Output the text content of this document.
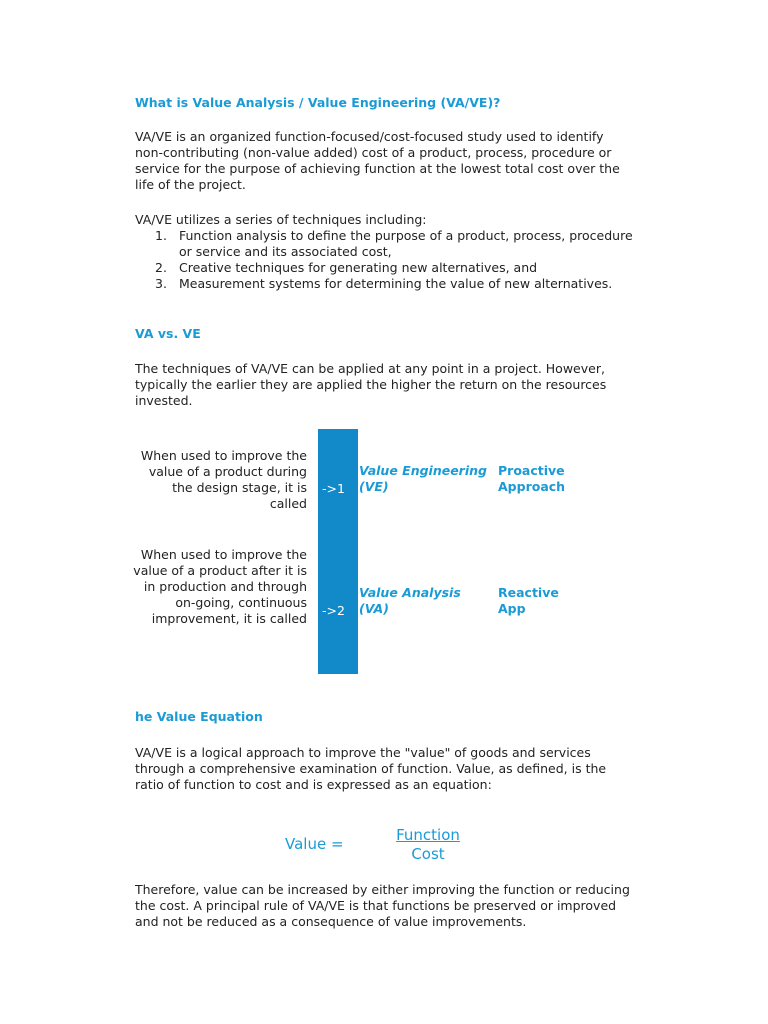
What is Value Analysis / Value Engineering (VA/VE)?

VA/VE is an organized function-focused/cost-focused study used to identify non-contributing (non-value added) cost of a product, process, procedure or service for the purpose of achieving function at the lowest total cost over the life of the project.

VA/VE utilizes a series of techniques including:

1. Function analysis to define the purpose of a product, process, procedure or service and its associated cost,
2. Creative techniques for generating new alternatives, and
3. Measurement systems for determining the value of new alternatives.
VA vs. VE

The techniques of VA/VE can be applied at any point in a project. However, typically the earlier they are applied the higher the return on the resources invested.

When used to improve the value of a product during the design stage, it is called
When used to improve the value of a product after it is in production and through on-going, continuous improvement, it is called
->1
->2
Value Engineering (VE)
Value Analysis (VA)
Proactive Approach
Reactive App
he Value Equation

VA/VE is a logical approach to improve the "value" of goods and services through a comprehensive examination of function. Value, as defined, is the ratio of function to cost and is expressed as an equation:

Value =	Function
Cost

Therefore, value can be increased by either improving the function or reducing the cost. A principal rule of VA/VE is that functions be preserved or improved and not be reduced as a consequence of value improvements.
